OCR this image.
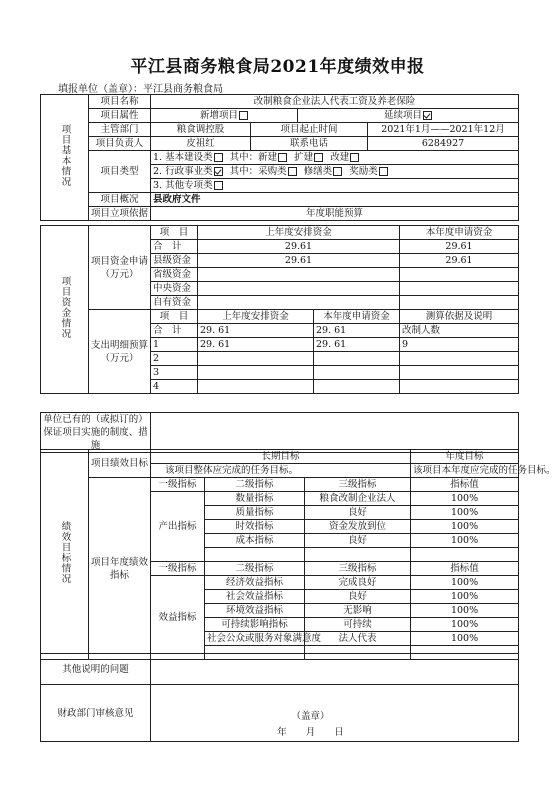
平江县商务粮食局2021年度绩效申报
填报单位（盖章）：平江县商务粮食局
项目基本情况	项目名称	改制粮食企业法人代表工资及养老保险			
	项目属性	新增项目		延续项目	
	主管部门	粮食调控股	项目起止时间		2021年1月——2021年12月
	项目负责人	皮祖红	联系电话		6284927
	项目类型	1. 基本建设类 其中：新建 扩建 改建			
		2. 行政事业类 其中：采购类 修缮类 奖励类			
		3. 其他专项类			
	项目概况	县政府文件			
	项目立项依据	年度职能预算			
项目资金情况	项目资金申请（万元）	项　目	上年度安排资金		本年度申请资金
		合　计	29.61		29.61
		县级资金	29.61		29.61
		省级资金			
		中央资金			
		自有资金			
	支出明细预算（万元）	项　目	上年度安排资金	本年度申请资金	测算依据及说明
		合　计	29. 61	29. 61	改制人数
		1	29. 61	29. 61	9
		2			
		3			
		4			
单位已有的（或拟订的）保证项目实施的制度、措施	
绩效目标情况	项目绩效目标	长期目标			年度目标
		该项目整体应完成的任务目标。			该项目本年度应完成的任务目标。
	项目年度绩效指标	一级指标	二级指标	三级指标	指标值
		产出指标	数量指标	粮食改制企业法人	100%
			质量指标	良好	100%
			时效指标	资金发放到位	100%
			成本指标	良好	100%

		一级指标	二级指标	三级指标	指标值
		效益指标	经济效益指标	完成良好	100%
			社会效益指标	良好	100%
			环境效益指标	无影响	100%
			可持续影响指标	可持续	100%
			社会公众或服务对象满意度	法人代表	100%

其他说明的问题	
财政部门审核意见	（盖章）
年　　月　　日
